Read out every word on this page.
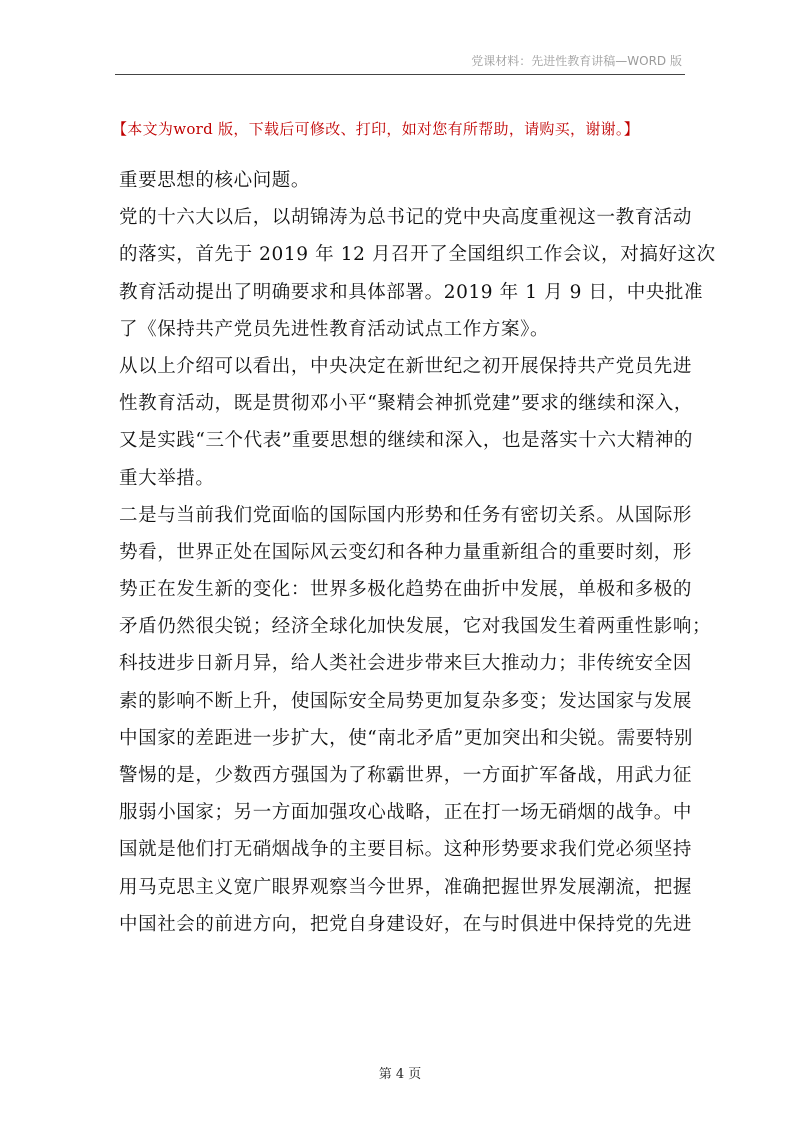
党课材料：先进性教育讲稿—WORD 版
【本文为word 版，下载后可修改、打印，如对您有所帮助，请购买，谢谢。】
重要思想的核心问题。
党的十六大以后，以胡锦涛为总书记的党中央高度重视这一教育活动
的落实，首先于 2019 年 12 月召开了全国组织工作会议，对搞好这次
教育活动提出了明确要求和具体部署。2019 年 1 月 9 日，中央批准
了《保持共产党员先进性教育活动试点工作方案》。
从以上介绍可以看出，中央决定在新世纪之初开展保持共产党员先进
性教育活动，既是贯彻邓小平“聚精会神抓党建”要求的继续和深入，
又是实践“三个代表”重要思想的继续和深入，也是落实十六大精神的
重大举措。
二是与当前我们党面临的国际国内形势和任务有密切关系。从国际形
势看，世界正处在国际风云变幻和各种力量重新组合的重要时刻，形
势正在发生新的变化：世界多极化趋势在曲折中发展，单极和多极的
矛盾仍然很尖锐；经济全球化加快发展，它对我国发生着两重性影响；
科技进步日新月异，给人类社会进步带来巨大推动力；非传统安全因
素的影响不断上升，使国际安全局势更加复杂多变；发达国家与发展
中国家的差距进一步扩大，使“南北矛盾”更加突出和尖锐。需要特别
警惕的是，少数西方强国为了称霸世界，一方面扩军备战，用武力征
服弱小国家；另一方面加强攻心战略，正在打一场无硝烟的战争。中
国就是他们打无硝烟战争的主要目标。这种形势要求我们党必须坚持
用马克思主义宽广眼界观察当今世界，准确把握世界发展潮流，把握
中国社会的前进方向，把党自身建设好，在与时俱进中保持党的先进
第 4 页
